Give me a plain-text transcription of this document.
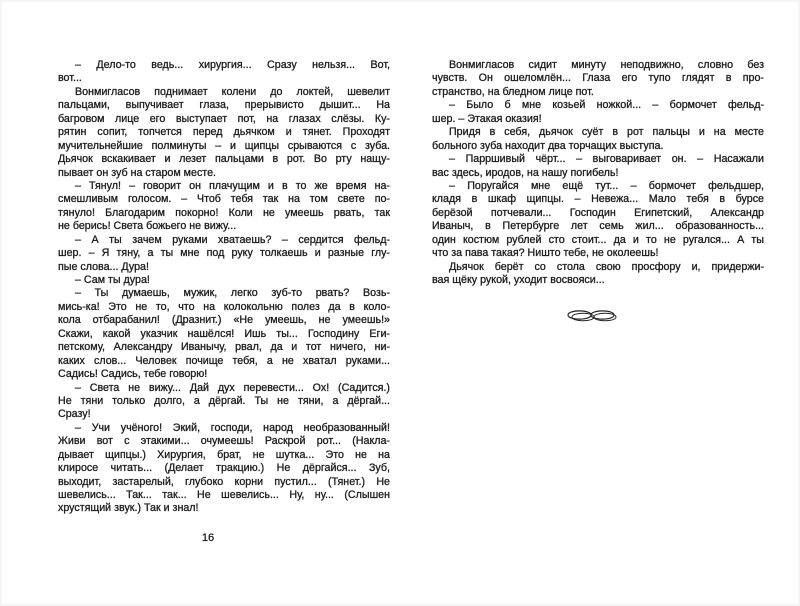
– Дело-то ведь... хирургия... Сразу нельзя... Вот,
вот...
Вонмигласов поднимает колени до локтей, шевелит
пальцами, выпучивает глаза, прерывисто дышит... На
багровом лице его выступает пот, на глазах слёзы. Ку-
рятин сопит, топчется перед дьячком и тянет. Проходят
мучительнейшие полминуты – и щипцы срываются с зуба.
Дьячок вскакивает и лезет пальцами в рот. Во рту нащу-
пывает он зуб на старом месте.
– Тянул! – говорит он плачущим и в то же время на-
смешливым голосом. – Чтоб тебя так на том свете по-
тянуло! Благодарим покорно! Коли не умеешь рвать, так
не берись! Света божьего не вижу...
– А ты зачем руками хватаешь? – сердится фельд-
шер. – Я тяну, а ты мне под руку толкаешь и разные глу-
пые слова... Дура!
– Сам ты дура!
– Ты думаешь, мужик, легко зуб-то рвать? Возь-
мись-ка! Это не то, что на колокольню полез да в коло-
кола отбарабанил! (Дразнит.) «Не умеешь, не умеешь!»
Скажи, какой указчик нашёлся! Ишь ты... Господину Еги-
петскому, Александру Иванычу, рвал, да и тот ничего, ни-
каких слов... Человек почище тебя, а не хватал руками...
Садись! Садись, тебе говорю!
– Света не вижу... Дай дух перевести... Ох! (Садится.)
Не тяни только долго, а дёргай. Ты не тяни, а дёргай...
Сразу!
– Учи учёного! Экий, господи, народ необразованный!
Живи вот с этакими... очумеешь! Раскрой рот... (Накла-
дывает щипцы.) Хирургия, брат, не шутка... Это не на
клиросе читать... (Делает тракцию.) Не дёргайся... Зуб,
выходит, застарелый, глубоко корни пустил... (Тянет.) Не
шевелись... Так... так... Не шевелись... Ну, ну... (Слышен
хрустящий звук.) Так и знал!
Вонмигласов сидит минуту неподвижно, словно без
чувств. Он ошеломлён... Глаза его тупо глядят в про-
странство, на бледном лице пот.
– Было б мне козьей ножкой... – бормочет фельд-
шер. – Этакая оказия!
Придя в себя, дьячок суёт в рот пальцы и на месте
больного зуба находит два торчащих выступа.
– Парршивый чёрт... – выговаривает он. – Насажали
вас здесь, иродов, на нашу погибель!
– Поругайся мне ещё тут... – бормочет фельдшер,
кладя в шкаф щипцы. – Невежа... Мало тебя в бурсе
берёзой потчевали... Господин Египетский, Александр
Иваныч, в Петербурге лет семь жил... образованность...
один костюм рублей сто стоит... да и то не ругался... А ты
что за пава такая? Ништо тебе, не околеешь!
Дьячок берёт со стола свою просфору и, придержи-
вая щёку рукой, уходит восвояси...
16
